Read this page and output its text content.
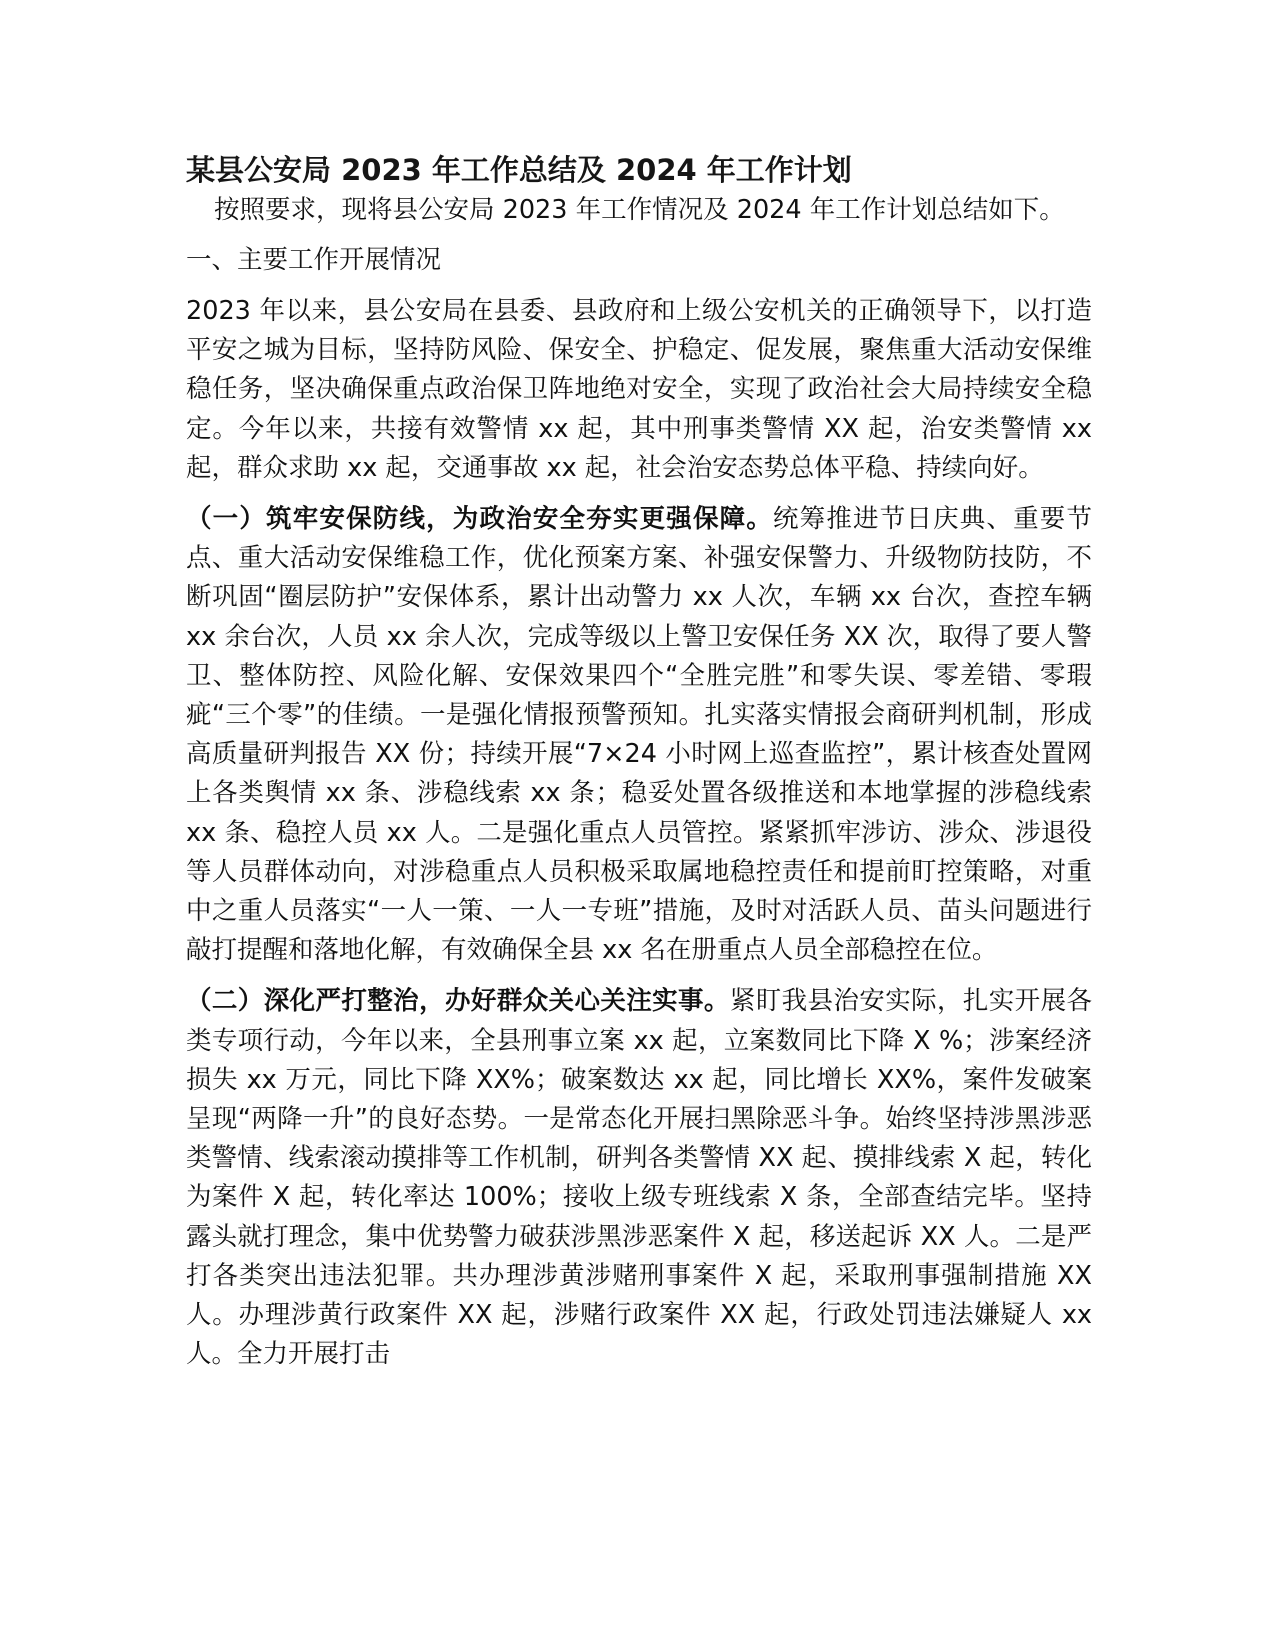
某县公安局 2023 年工作总结及 2024 年工作计划

按照要求，现将县公安局 2023 年工作情况及 2024 年工作计划总结如下。

一、主要工作开展情况

2023 年以来，县公安局在县委、县政府和上级公安机关的正确领导下，以打造平安之城为目标，坚持防风险、保安全、护稳定、促发展，聚焦重大活动安保维稳任务，坚决确保重点政治保卫阵地绝对安全，实现了政治社会大局持续安全稳定。今年以来，共接有效警情 xx 起，其中刑事类警情 XX 起，治安类警情 xx 起，群众求助 xx 起，交通事故 xx 起，社会治安态势总体平稳、持续向好。

（一）筑牢安保防线，为政治安全夯实更强保障。统筹推进节日庆典、重要节点、重大活动安保维稳工作，优化预案方案、补强安保警力、升级物防技防，不断巩固“圈层防护”安保体系，累计出动警力 xx 人次，车辆 xx 台次，查控车辆 xx 余台次，人员 xx 余人次，完成等级以上警卫安保任务 XX 次，取得了要人警卫、整体防控、风险化解、安保效果四个“全胜完胜”和零失误、零差错、零瑕疵“三个零”的佳绩。一是强化情报预警预知。扎实落实情报会商研判机制，形成高质量研判报告 XX 份；持续开展“7×24 小时网上巡查监控”，累计核查处置网上各类舆情 xx 条、涉稳线索 xx 条；稳妥处置各级推送和本地掌握的涉稳线索 xx 条、稳控人员 xx 人。二是强化重点人员管控。紧紧抓牢涉访、涉众、涉退役等人员群体动向，对涉稳重点人员积极采取属地稳控责任和提前盯控策略，对重中之重人员落实“一人一策、一人一专班”措施，及时对活跃人员、苗头问题进行敲打提醒和落地化解，有效确保全县 xx 名在册重点人员全部稳控在位。

（二）深化严打整治，办好群众关心关注实事。紧盯我县治安实际，扎实开展各类专项行动，今年以来，全县刑事立案 xx 起，立案数同比下降 X %；涉案经济损失 xx 万元，同比下降 XX%；破案数达 xx 起，同比增长 XX%，案件发破案呈现“两降一升”的良好态势。一是常态化开展扫黑除恶斗争。始终坚持涉黑涉恶类警情、线索滚动摸排等工作机制，研判各类警情 XX 起、摸排线索 X 起，转化为案件 X 起，转化率达 100%；接收上级专班线索 X 条，全部查结完毕。坚持露头就打理念，集中优势警力破获涉黑涉恶案件 X 起，移送起诉 XX 人。二是严打各类突出违法犯罪。共办理涉黄涉赌刑事案件 X 起，采取刑事强制措施 XX 人。办理涉黄行政案件 XX 起，涉赌行政案件 XX 起，行政处罚违法嫌疑人 xx 人。全力开展打击
